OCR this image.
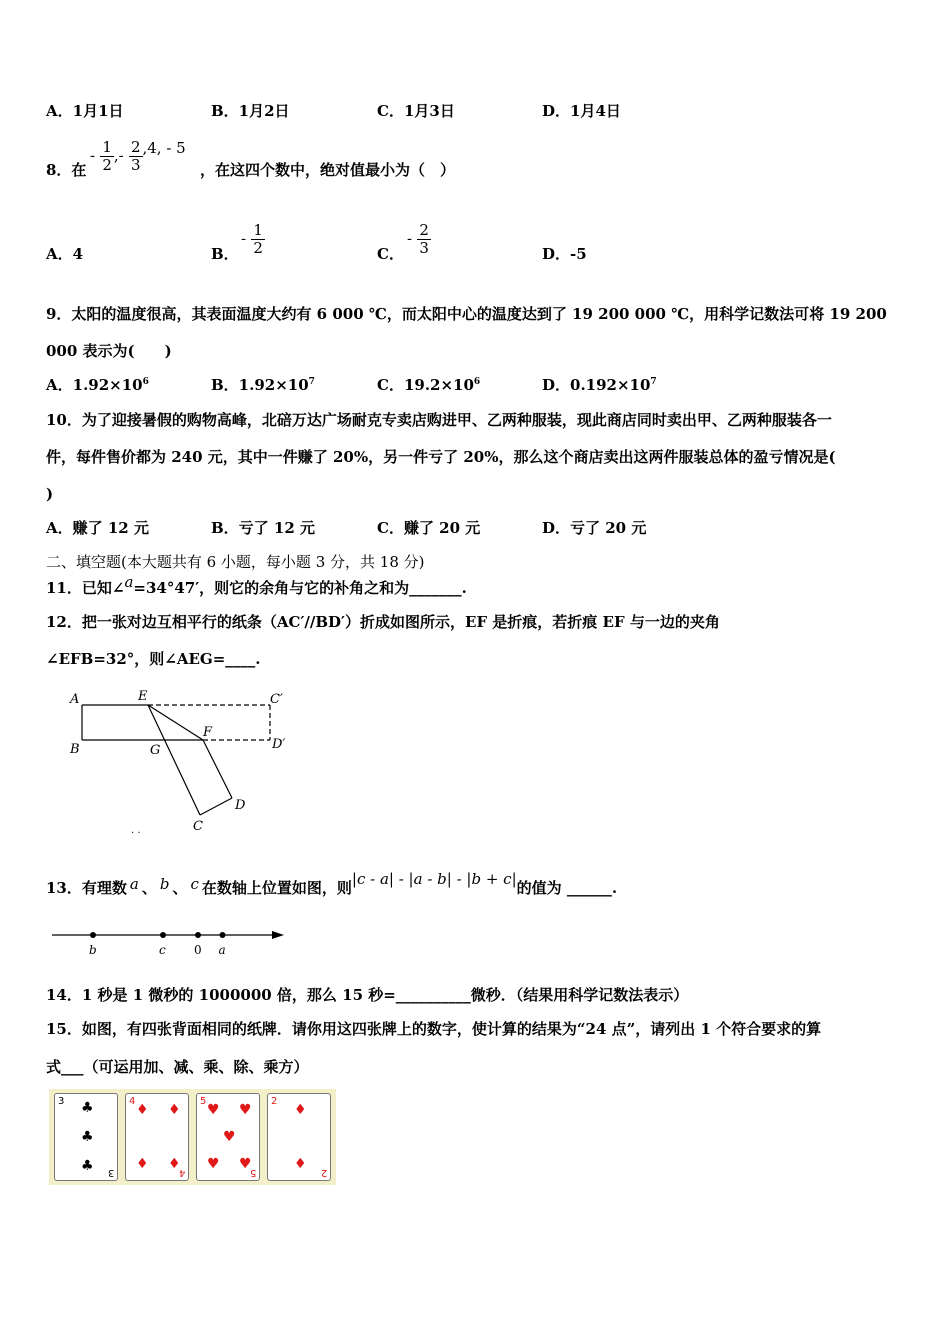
A．1月1日	B．1月2日	C．1月3日	D．1月4日
8．在
- $\frac{1}{2}$ ,- $\frac{2}{3} ,4$, - 5
，在这四个数中，绝对值最小为（　）
A．4	B．
- $\frac{1}{2}$	C．
- $\frac{2}{3}$	D．-5
9．太阳的温度很高，其表面温度大约有 6 000 ℃，而太阳中心的温度达到了 19 200 000 ℃，用科学记数法可将 19 200
000 表示为(　　)
A．$1.92\times 10^6$	B．$1.92\times 10^7$	C．$19.2\times 10^6$	D．$0.192\times 10^7$
10．为了迎接暑假的购物高峰，北碚万达广场耐克专卖店购进甲、乙两种服装，现此商店同时卖出甲、乙两种服装各一
件，每件售价都为 240 元，其中一件赚了 20%，另一件亏了 20%，那么这个商店卖出这两件服装总体的盈亏情况是(
)
A．赚了 12 元	B．亏了 12 元	C．赚了 20 元	D．亏了 20 元
二、填空题(本大题共有 6 小题，每小题 3 分，共 18 分)
11．已知∠a=34°47′，则它的余角与它的补角之和为_______.
12．把一张对边互相平行的纸条（AC′//BD′）折成如图所示，EF 是折痕，若折痕 EF 与一边的夹角
∠EFB=32°，则∠AEG=____.
A	E	C′
B	G
F
D′
D
C
. .
13．有理数 a 、 b 、 c 在数轴上位置如图，则|c - a| - |a - b| - |b + c|的值为 ______.
b	c 0 a
14．1 秒是 1 微秒的 1000000 倍，那么 15 秒=__________微秒．（结果用科学记数法表示）
15．如图，有四张背面相同的纸牌．请你用这四张牌上的数字，使计算的结果为“24 点”，请列出 1 个符合要求的算
式___（可运用加、减、乘、除、乘方）
3
3
♣
♣
♣
4
4
♦ ♦
♦ ♦
5
5
♥ ♥
♥
♥ ♥
2
2
♦
♦
